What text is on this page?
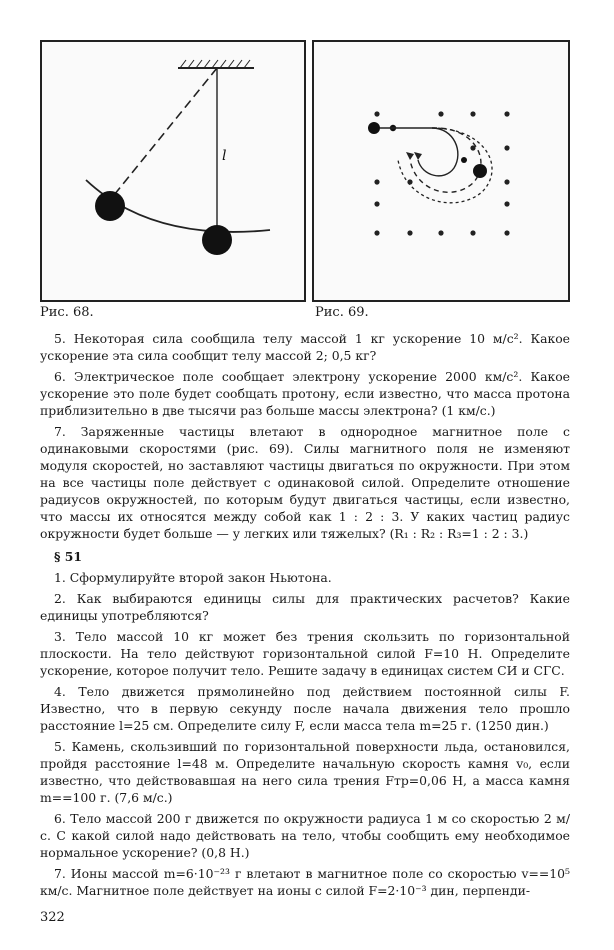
l
Рис. 68.	Рис. 69.

5. Некоторая сила сообщила телу массой 1 кг ускорение 10 м/с². Какое ускорение эта сила сообщит телу массой 2; 0,5 кг?

6. Электрическое поле сообщает электрону ускорение 2000 км/с². Какое ускорение это поле будет сообщать протону, если известно, что масса протона приблизительно в две тысячи раз больше массы электрона? (1 км/с.)

7. Заряженные частицы влетают в однородное магнитное поле с одинаковыми скоростями (рис. 69). Силы магнитного поля не изменяют модуля скоростей, но заставляют частицы двигаться по окружности. При этом на все частицы поле действует с одинаковой силой. Определите отношение радиусов окружностей, по которым будут двигаться частицы, если известно, что массы их относятся между собой как 1 : 2 : 3. У каких частиц радиус окружности будет больше — у легких или тяжелых? (R₁ : R₂ : R₃=1 : 2 : 3.)

§ 51

1. Сформулируйте второй закон Ньютона.

2. Как выбираются единицы силы для практических расчетов? Какие единицы употребляются?

3. Тело массой 10 кг может без трения скользить по горизонтальной плоскости. На тело действуют горизонтальной силой F=10 Н. Определите ускорение, которое получит тело. Решите задачу в единицах систем СИ и СГС.

4. Тело движется прямолинейно под действием постоянной силы F. Известно, что в первую секунду после начала движения тело прошло расстояние l=25 см. Определите силу F, если масса тела m=25 г. (1250 дин.)

5. Камень, скользивший по горизонтальной поверхности льда, остановился, пройдя расстояние l=48 м. Определите начальную скорость камня v₀, если известно, что действовавшая на него сила трения Fтр=0,06 Н, а масса камня m==100 г. (7,6 м/с.)

6. Тело массой 200 г движется по окружности радиуса 1 м со скоростью 2 м/с. С какой силой надо действовать на тело, чтобы сообщить ему необходимое нормальное ускорение? (0,8 Н.)

7. Ионы массой m=6·10⁻²³ г влетают в магнитное поле со скоростью v==10⁵ км/с. Магнитное поле действует на ионы с силой F=2·10⁻³ дин, перпенди-

322
